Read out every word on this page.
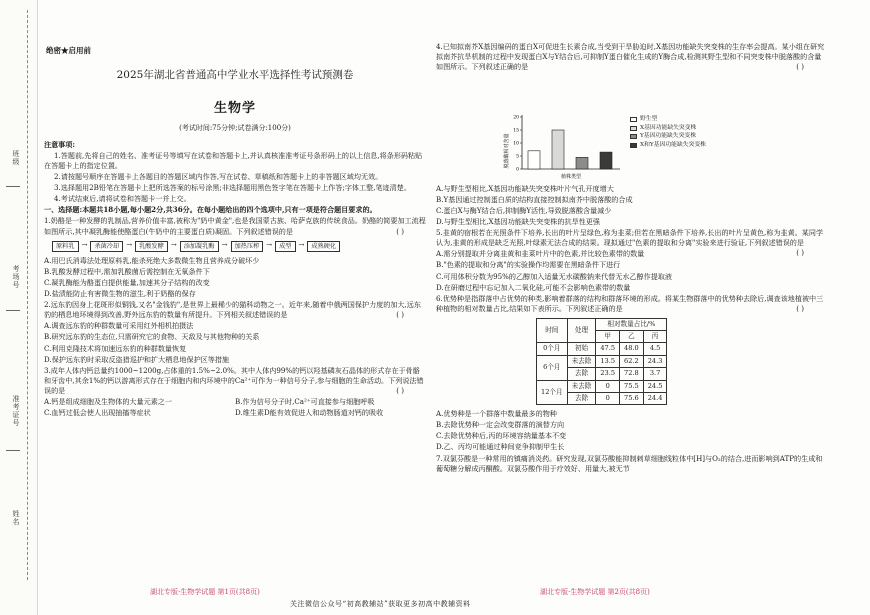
班级
考场号
准考证号
姓名
绝密★启用前
2025年湖北省普通高中学业水平选择性考试预测卷
生物学
(考试时间:75分钟;试卷满分:100分)

注意事项:

1.答题前,先将自己的姓名、准考证号等填写在试卷和答题卡上,并认真核准准考证号条形码上的以上信息,将条形码粘贴在答题卡上的指定位置。

2.请按题号顺序在答题卡上各题目的答题区域内作答,写在试卷、草稿纸和答题卡上的非答题区域均无效。

3.选择题用2B铅笔在答题卡上把所选答案的标号涂黑;非选择题用黑色签字笔在答题卡上作答;字体工整,笔迹清楚。

4.考试结束后,请将试卷和答题卡一并上交。

一、选择题:本题共18小题,每小题2分,共36分。在每小题给出的四个选项中,只有一项是符合题目要求的。

1.奶酪是一种发酵的乳制品,营养价值丰富,被称为"奶中黄金",也是我国蒙古族、哈萨克族的传统食品。奶酪的简要加工流程如图所示,其中凝乳酶能使酪蛋白(牛奶中的主要蛋白质)凝固。下列叙述错误的是	( )

原料乳	→	杀菌冷却	→	乳酸发酵	→	添加凝乳酶	→	加热压榨	→	成型	→	成熟硬化

A.用巴氏消毒法处理原料乳,能杀死绝大多数微生物且营养成分破坏少

B.乳酸发酵过程中,需加乳酸菌后需控制在无氧条件下

C.凝乳酶能为酪蛋白提供能量,加速其分子结构的改变

D.盐渍能防止有害微生物的滋生,利于奶酪的保存

2.远东豹因身上花斑形似铜钱,又名"金钱豹",是世界上最稀少的猫科动物之一。近年来,随着中俄两国保护力度的加大,远东豹的栖息地环境得到改善,野外远东豹的数量有所提升。下列相关叙述错误的是	( )

A.调查远东豹的种群数量可采用红外相机拍摄法

B.研究远东豹的生态位,只需研究它的食物、天敌及与其他物种的关系

C.利用克隆技术将加速远东豹的种群数量恢复

D.保护远东豹时采取反盗猎巡护和扩大栖息地保护区等措施

3.成年人体内钙总量约1000~1200g,占体重的1.5%~2.0%。其中人体内99%的钙以羟基磷灰石晶体的形式存在于骨骼和牙齿中,其余1%的钙以游离形式存在于细胞内和内环境中的Ca²⁺可作为一种信号分子,参与细胞的生命活动。下列说法错误的是	( )

A.钙是组成细胞及生物体的大量元素之一	B.作为信号分子时,Ca²⁺可直接参与细胞呼吸

C.血钙过低会使人出现抽搐等症状	D.维生素D能有效促进人和动物肠道对钙的吸收

湖北专版·生物学试题 第1页(共8页)

4.已知拟南芥X基因编码的蛋白X可促进生长素合成,当受到干旱胁迫时,X基因功能缺失突变株的生存率会提高。某小组在研究拟南芥抗旱机制的过程中发现蛋白X与Y结合后,可抑制Y蛋白催化生成的Y酶合成,检测其野生型和不同突变株中脱落酸的含量如图所示。下列叙述正确的是	( )

脱落酸相对含量
植株类型
0
5
10
15
20	野生型
X基因功能缺失突变株
Y基因功能缺失突变株
X和Y基因功能缺失突变株

A.与野生型相比,X基因功能缺失突变株叶片气孔开度增大

B.Y基因通过控制蛋白质的结构直接控制拟南芥中脱落酸的合成

C.蛋白X与酶Y结合后,抑制酶Y活性,导致脱落酸含量减少

D.与野生型相比,X基因功能缺失突变株的抗旱性更强

5.韭黄的宿根若在光照条件下培养,长出的叶片呈绿色,称为韭菜;但若在黑暗条件下培养,长出的叶片呈黄色,称为韭黄。某同学认为,韭黄的形成是缺乏光照,叶绿素无法合成的结果。现拟通过"色素的提取和分离"实验来进行验证,下列叙述错误的是
( )

A.需分别提取并分离韭黄和韭菜叶片中的色素,并比较色素带的数量

B."色素的提取和分离"的实验操作均需要在黑暗条件下进行

C.可用体积分数为95%的乙醇加入适量无水碳酸钠来代替无水乙醇作提取液

D.在研磨过程中忘记加入二氧化硅,可能不会影响色素带的数量

6.优势种是指群落中占优势的种类,影响着群落的结构和群落环境的形成。将某生物群落中的优势种去除后,调查该地植被中三种植物的相对数量占比,结果如下表所示。下列叙述正确的是	( )

时间	处理	相对数量占比/%		
		甲	乙	丙
0个月	初始	47.5	48.0	4.5
6个月	未去除	13.5	62.2	24.3
	去除	23.5	72.8	3.7
12个月	未去除	0	75.5	24.5
	去除	0	75.6	24.4

A.优势种是一个群落中数量最多的物种

B.去除优势种一定会改变群落的演替方向

C.去除优势种后,丙的环境容纳量基本不变

D.乙、丙均可能通过种间竞争抑制甲生长

7.双氯芬酸是一种常用的镇痛消炎药。研究发现,双氯芬酸能抑制刺草细胞线粒体中[H]与O₂的结合,进而影响到ATP的生成和葡萄糖分解成丙酮酸。双氯芬酸作用于疗效好、用量大,被无节

湖北专版·生物学试题 第2页(共8页)
关注微信公众号“初高教辅站”获取更多初高中教辅资料
